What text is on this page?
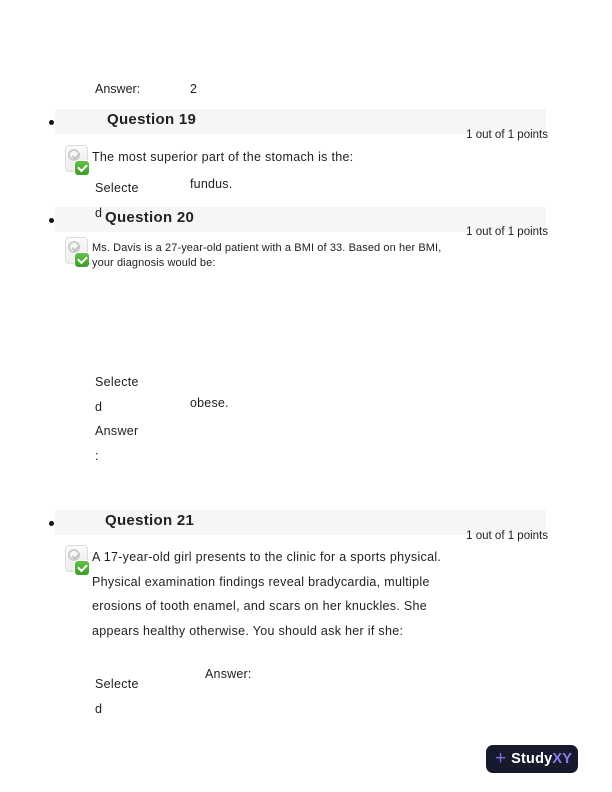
Answer:	2
Question 19
1 out of 1 points
The most superior part of the stomach is the:
Selecte
d
fundus.
Question 20
1 out of 1 points
Ms. Davis is a 27-year-old patient with a BMI of 33. Based on her BMI,
your diagnosis would be:
Selecte
d
Answer
:
obese.
Question 21
1 out of 1 points
A 17-year-old girl presents to the clinic for a sports physical.
Physical examination findings reveal bradycardia, multiple
erosions of tooth enamel, and scars on her knuckles. She
appears healthy otherwise. You should ask her if she:
Selecte
d
Answer:
+ Study XY
